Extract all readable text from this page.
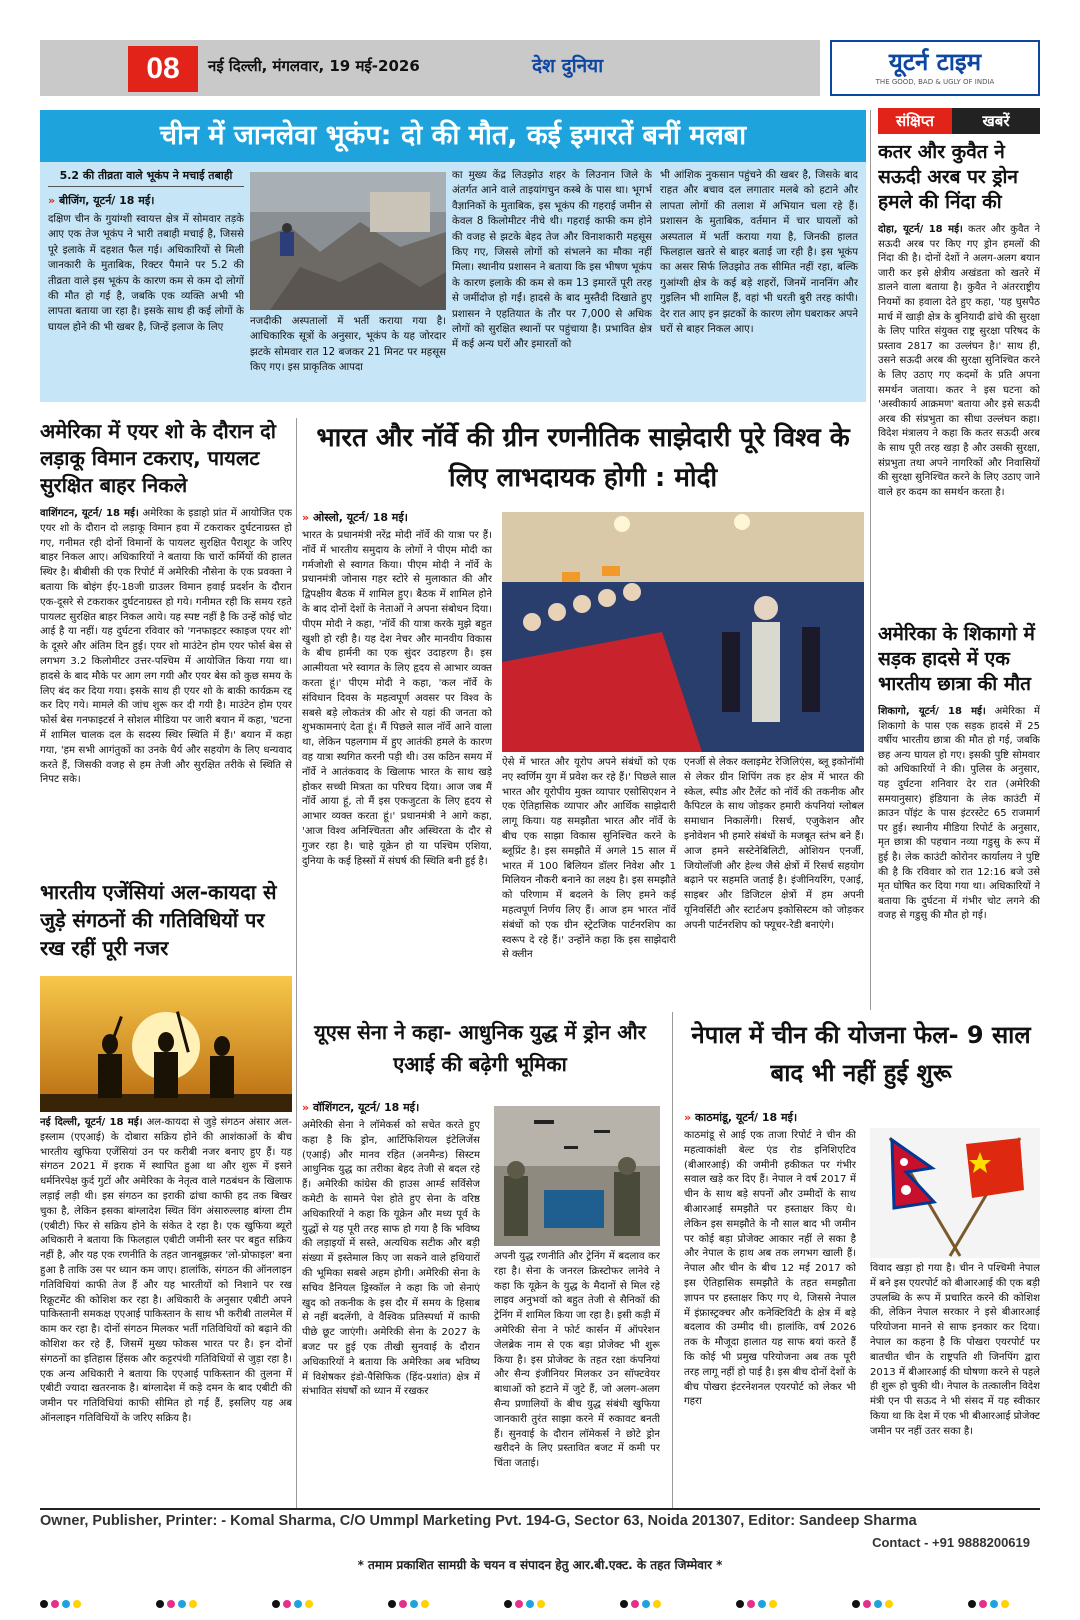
08	नई दिल्ली, मंगलवार, 19 मई-2026	देश दुनिया	यूटर्न टाइम
THE GOOD, BAD & UGLY OF INDIA
चीन में जानलेवा भूकंप: दो की मौत, कई इमारतें बनीं मलबा
5.2 की तीव्रता वाले भूकंप ने मचाई तबाही
» बीजिंग, यूटर्न/ 18 मई।
दक्षिण चीन के गुयांग्शी स्वायत्त क्षेत्र में सोमवार तड़के आए एक तेज भूकंप ने भारी तबाही मचाई है, जिससे पूरे इलाके में दहशत फैल गई। अधिकारियों से मिली जानकारी के मुताबिक, रिक्टर पैमाने पर 5.2 की तीव्रता वाले इस भूकंप के कारण कम से कम दो लोगों की मौत हो गई है, जबकि एक व्यक्ति अभी भी लापता बताया जा रहा है। इसके साथ ही कई लोगों के घायल होने की भी खबर है, जिन्हें इलाज के लिए
नजदीकी अस्पतालों में भर्ती कराया गया है। आधिकारिक सूत्रों के अनुसार, भूकंप के यह जोरदार झटके सोमवार रात 12 बजकर 21 मिनट पर महसूस किए गए। इस प्राकृतिक आपदा
का मुख्य केंद्र लिउझोउ शहर के लिउनान जिले के अंतर्गत आने वाले ताइयांगचुन कस्बे के पास था। भूगर्भ वैज्ञानिकों के मुताबिक, इस भूकंप की गहराई जमीन से केवल 8 किलोमीटर नीचे थी। गहराई काफी कम होने की वजह से झटके बेहद तेज और विनाशकारी महसूस किए गए, जिससे लोगों को संभलने का मौका नहीं मिला। स्थानीय प्रशासन ने बताया कि इस भीषण भूकंप के कारण इलाके की कम से कम 13 इमारतें पूरी तरह से जमींदोज हो गईं। हादसे के बाद मुस्तैदी दिखाते हुए प्रशासन ने एहतियात के तौर पर 7,000 से अधिक लोगों को सुरक्षित स्थानों पर पहुंचाया है। प्रभावित क्षेत्र में कई अन्य घरों और इमारतों को
भी आंशिक नुकसान पहुंचने की खबर है, जिसके बाद राहत और बचाव दल लगातार मलबे को हटाने और लापता लोगों की तलाश में अभियान चला रहे हैं। प्रशासन के मुताबिक, वर्तमान में चार घायलों को अस्पताल में भर्ती कराया गया है, जिनकी हालत फिलहाल खतरे से बाहर बताई जा रही है। इस भूकंप का असर सिर्फ लिउझोउ तक सीमित नहीं रहा, बल्कि गुआंग्शी क्षेत्र के कई बड़े शहरों, जिनमें नाननिंग और गुइलिन भी शामिल हैं, वहां भी धरती बुरी तरह कांपी। देर रात आए इन झटकों के कारण लोग घबराकर अपने घरों से बाहर निकल आए।
संक्षिप्त	खबरें
कतर और कुवैत ने सऊदी अरब पर ड्रोन हमले की निंदा की
दोहा, यूटर्न/ 18 मई। कतर और कुवैत ने सऊदी अरब पर किए गए ड्रोन हमलों की निंदा की है। दोनों देशों ने अलग-अलग बयान जारी कर इसे क्षेत्रीय अखंडता को खतरे में डालने वाला बताया है। कुवैत ने अंतरराष्ट्रीय नियमों का हवाला देते हुए कहा, 'यह घुसपैठ मार्च में खाड़ी क्षेत्र के बुनियादी ढांचे की सुरक्षा के लिए पारित संयुक्त राष्ट्र सुरक्षा परिषद के प्रस्ताव 2817 का उल्लंघन है।' साथ ही, उसने सऊदी अरब की सुरक्षा सुनिश्चित करने के लिए उठाए गए कदमों के प्रति अपना समर्थन जताया। कतर ने इस घटना को 'अस्वीकार्य आक्रमण' बताया और इसे सऊदी अरब की संप्रभुता का सीधा उल्लंघन कहा। विदेश मंत्रालय ने कहा कि कतर सऊदी अरब के साथ पूरी तरह खड़ा है और उसकी सुरक्षा, संप्रभुता तथा अपने नागरिकों और निवासियों की सुरक्षा सुनिश्चित करने के लिए उठाए जाने वाले हर कदम का समर्थन करता है।
अमेरिका के शिकागो में सड़क हादसे में एक भारतीय छात्रा की मौत
शिकागो, यूटर्न/ 18 मई। अमेरिका में शिकागो के पास एक सड़क हादसे में 25 वर्षीय भारतीय छात्रा की मौत हो गई, जबकि छह अन्य घायल हो गए। इसकी पुष्टि सोमवार को अधिकारियों ने की। पुलिस के अनुसार, यह दुर्घटना शनिवार देर रात (अमेरिकी समयानुसार) इंडियाना के लेक काउंटी में क्राउन पॉइंट के पास इंटरस्टेट 65 राजमार्ग पर हुई। स्थानीय मीडिया रिपोर्ट के अनुसार, मृत छात्रा की पहचान नव्या गडुसु के रूप में हुई है। लेक काउंटी कोरोनर कार्यालय ने पुष्टि की है कि रविवार को रात 12:16 बजे उसे मृत घोषित कर दिया गया था। अधिकारियों ने बताया कि दुर्घटना में गंभीर चोट लगने की वजह से गडुसु की मौत हो गई।
अमेरिका में एयर शो के दौरान दो लड़ाकू विमान टकराए, पायलट सुरक्षित बाहर निकले
वाशिंगटन, यूटर्न/ 18 मई। अमेरिका के इडाहो प्रांत में आयोजित एक एयर शो के दौरान दो लड़ाकू विमान हवा में टकराकर दुर्घटनाग्रस्त हो गए, गनीमत रही दोनों विमानों के पायलट सुरक्षित पैराशूट के जरिए बाहर निकल आए। अधिकारियों ने बताया कि चारों कर्मियों की हालत स्थिर है। बीबीसी की एक रिपोर्ट में अमेरिकी नौसेना के एक प्रवक्ता ने बताया कि बोइंग ईए-18जी ग्राउलर विमान हवाई प्रदर्शन के दौरान एक-दूसरे से टकराकर दुर्घटनाग्रस्त हो गये। गनीमत रही कि समय रहते पायलट सुरक्षित बाहर निकल आये। यह स्पष्ट नहीं है कि उन्हें कोई चोट आई है या नहीं। यह दुर्घटना रविवार को 'गनफाइटर स्काइज एयर शो' के दूसरे और अंतिम दिन हुई। एयर शो माउंटेन होम एयर फोर्स बेस से लगभग 3.2 किलोमीटर उत्तर-पश्चिम में आयोजित किया गया था। हादसे के बाद मौके पर आग लग गयी और एयर बेस को कुछ समय के लिए बंद कर दिया गया। इसके साथ ही एयर शो के बाकी कार्यक्रम रद्द कर दिए गये। मामले की जांच शुरू कर दी गयी है। माउंटेन होम एयर फोर्स बेस गनफाइटर्स ने सोशल मीडिया पर जारी बयान में कहा, 'घटना में शामिल चालक दल के सदस्य स्थिर स्थिति में हैं।' बयान में कहा गया, 'हम सभी आगंतुकों का उनके धैर्य और सहयोग के लिए धन्यवाद करते हैं, जिसकी वजह से हम तेजी और सुरक्षित तरीके से स्थिति से निपट सके।
भारतीय एजेंसियां अल-कायदा से जुड़े संगठनों की गतिविधियों पर रख रहीं पूरी नजर
नई दिल्ली, यूटर्न/ 18 मई। अल-कायदा से जुड़े संगठन अंसार अल-इस्लाम (एएआई) के दोबारा सक्रिय होने की आशंकाओं के बीच भारतीय खुफिया एजेंसियां उन पर करीबी नजर बनाए हुए हैं। यह संगठन 2021 में इराक में स्थापित हुआ था और शुरू में इसने धर्मनिरपेक्ष कुर्द गुटों और अमेरिका के नेतृत्व वाले गठबंधन के खिलाफ लड़ाई लड़ी थी। इस संगठन का इराकी ढांचा काफी हद तक बिखर चुका है, लेकिन इसका बांग्लादेश स्थित विंग अंसारुल्लाह बांग्ला टीम (एबीटी) फिर से सक्रिय होने के संकेत दे रहा है। एक खुफिया ब्यूरो अधिकारी ने बताया कि फिलहाल एबीटी जमीनी स्तर पर बहुत सक्रिय नहीं है, और यह एक रणनीति के तहत जानबूझकर 'लो-प्रोफाइल' बना हुआ है ताकि उस पर ध्यान कम जाए। हालांकि, संगठन की ऑनलाइन गतिविधियां काफी तेज हैं और यह भारतीयों को निशाने पर रख रिक्रूटमेंट की कोशिश कर रहा है। अधिकारी के अनुसार एबीटी अपने पाकिस्तानी समकक्ष एएआई पाकिस्तान के साथ भी करीबी तालमेल में काम कर रहा है। दोनों संगठन मिलकर भर्ती गतिविधियों को बढ़ाने की कोशिश कर रहे हैं, जिसमें मुख्य फोकस भारत पर है। इन दोनों संगठनों का इतिहास हिंसक और कट्टरपंथी गतिविधियों से जुड़ा रहा है। एक अन्य अधिकारी ने बताया कि एएआई पाकिस्तान की तुलना में एबीटी ज्यादा खतरनाक है। बांग्लादेश में कड़े दमन के बाद एबीटी की जमीन पर गतिविधियां काफी सीमित हो गई हैं, इसलिए यह अब ऑनलाइन गतिविधियों के जरिए सक्रिय है।
भारत और नॉर्वे की ग्रीन रणनीतिक साझेदारी पूरे विश्व के लिए लाभदायक होगी : मोदी
» ओस्लो, यूटर्न/ 18 मई।
भारत के प्रधानमंत्री नरेंद्र मोदी नॉर्वे की यात्रा पर हैं। नॉर्वे में भारतीय समुदाय के लोगों ने पीएम मोदी का गर्मजोशी से स्वागत किया। पीएम मोदी ने नॉर्वे के प्रधानमंत्री जोनास गहर स्टोरे से मुलाकात की और द्विपक्षीय बैठक में शामिल हुए। बैठक में शामिल होने के बाद दोनों देशों के नेताओं ने अपना संबोधन दिया। पीएम मोदी ने कहा, 'नॉर्वे की यात्रा करके मुझे बहुत खुशी हो रही है। यह देश नेचर और मानवीय विकास के बीच हार्मनी का एक सुंदर उदाहरण है। इस आत्मीयता भरे स्वागत के लिए हृदय से आभार व्यक्त करता हूं।' पीएम मोदी ने कहा, 'कल नॉर्वे के संविधान दिवस के महत्वपूर्ण अवसर पर विश्व के सबसे बड़े लोकतंत्र की ओर से यहां की जनता को शुभकामनाएं देता हूं। मैं पिछले साल नॉर्वे आने वाला था, लेकिन पहलगाम में हुए आतंकी हमले के कारण वह यात्रा स्थगित करनी पड़ी थी। उस कठिन समय में नॉर्वे ने आतंकवाद के खिलाफ भारत के साथ खड़े होकर सच्ची मित्रता का परिचय दिया। आज जब मैं नॉर्वे आया हूं, तो मैं इस एकजुटता के लिए हृदय से आभार व्यक्त करता हूं।' प्रधानमंत्री ने आगे कहा, 'आज विश्व अनिश्चितता और अस्थिरता के दौर से गुजर रहा है। चाहे यूक्रेन हो या पश्चिम एशिया, दुनिया के कई हिस्सों में संघर्ष की स्थिति बनी हुई है।
ऐसे में भारत और यूरोप अपने संबंधों को एक नए स्वर्णिम युग में प्रवेश कर रहे हैं।' पिछले साल भारत और यूरोपीय मुक्त व्यापार एसोसिएशन ने एक ऐतिहासिक व्यापार और आर्थिक साझेदारी लागू किया। यह समझौता भारत और नॉर्वे के बीच एक साझा विकास सुनिश्चित करने के ब्लूप्रिंट है। इस समझौते में अगले 15 साल में भारत में 100 बिलियन डॉलर निवेश और 1 मिलियन नौकरी बनाने का लक्ष्य है। इस समझौते को परिणाम में बदलने के लिए हमने कई महत्वपूर्ण निर्णय लिए हैं। आज हम भारत नॉर्वे संबंधों को एक ग्रीन स्ट्रेटजिक पार्टनरशिप का स्वरूप दे रहे हैं।' उन्होंने कहा कि इस साझेदारी से क्लीन
एनर्जी से लेकर क्लाइमेट रेजिलिएंस, ब्लू इकोनॉमी से लेकर ग्रीन शिपिंग तक हर क्षेत्र में भारत की स्केल, स्पीड और टैलेंट को नॉर्वे की तकनीक और कैपिटल के साथ जोड़कर हमारी कंपनियां ग्लोबल समाधान निकालेंगी। रिसर्च, एजुकेशन और इनोवेशन भी हमारे संबंधों के मजबूत स्तंभ बने हैं। आज हमने सस्टेनेबिलिटी, ओशियन एनर्जी, जियोलॉजी और हेल्थ जैसे क्षेत्रों में रिसर्च सहयोग बढ़ाने पर सहमति जताई है। इंजीनियरिंग, एआई, साइबर और डिजिटल क्षेत्रों में हम अपनी यूनिवर्सिटी और स्टार्टअप इकोसिस्टम को जोड़कर अपनी पार्टनरशिप को फ्यूचर-रेडी बनाएंगे।
यूएस सेना ने कहा- आधुनिक युद्ध में ड्रोन और एआई की बढ़ेगी भूमिका
» वॉशिंगटन, यूटर्न/ 18 मई।
अमेरिकी सेना ने लॉमेकर्स को सचेत करते हुए कहा है कि ड्रोन, आर्टिफिशियल इंटेलिजेंस (एआई) और मानव रहित (अनमैन्ड) सिस्टम आधुनिक युद्ध का तरीका बेहद तेजी से बदल रहे हैं। अमेरिकी कांग्रेस की हाउस आर्म्ड सर्विसेज कमेटी के सामने पेश होते हुए सेना के वरिष्ठ अधिकारियों ने कहा कि यूक्रेन और मध्य पूर्व के युद्धों से यह पूरी तरह साफ हो गया है कि भविष्य की लड़ाइयों में सस्ते, अत्यधिक सटीक और बड़ी संख्या में इस्तेमाल किए जा सकने वाले हथियारों की भूमिका सबसे अहम होगी। अमेरिकी सेना के सचिव डैनियल ड्रिस्कॉल ने कहा कि जो सेनाएं खुद को तकनीक के इस दौर में समय के हिसाब से नहीं बदलेंगी, वे वैश्विक प्रतिस्पर्धा में काफी पीछे छूट जाएंगी। अमेरिकी सेना के 2027 के बजट पर हुई एक तीखी सुनवाई के दौरान अधिकारियों ने बताया कि अमेरिका अब भविष्य में विशेषकर इंडो-पैसिफिक (हिंद-प्रशांत) क्षेत्र में संभावित संघर्षों को ध्यान में रखकर
अपनी युद्ध रणनीति और ट्रेनिंग में बदलाव कर रहा है। सेना के जनरल क्रिस्टोफर लानेवे ने कहा कि यूक्रेन के युद्ध के मैदानों से मिल रहे लाइव अनुभवों को बहुत तेजी से सैनिकों की ट्रेनिंग में शामिल किया जा रहा है। इसी कड़ी में अमेरिकी सेना ने फोर्ट कार्सन में ऑपरेशन जेलब्रेक नाम से एक बड़ा प्रोजेक्ट भी शुरू किया है। इस प्रोजेक्ट के तहत रक्षा कंपनियां और सैन्य इंजीनियर मिलकर उन सॉफ्टवेयर बाधाओं को हटाने में जुटे हैं, जो अलग-अलग सैन्य प्रणालियों के बीच युद्ध संबंधी खुफिया जानकारी तुरंत साझा करने में रुकावट बनती हैं। सुनवाई के दौरान लॉमेकर्स ने छोटे ड्रोन खरीदने के लिए प्रस्तावित बजट में कमी पर चिंता जताई।
नेपाल में चीन की योजना फेल- 9 साल बाद भी नहीं हुई शुरू
» काठमांडू, यूटर्न/ 18 मई।
काठमांडू से आई एक ताजा रिपोर्ट ने चीन की महत्वाकांक्षी बेल्ट एंड रोड इनिशिएटिव (बीआरआई) की जमीनी हकीकत पर गंभीर सवाल खड़े कर दिए हैं। नेपाल ने वर्ष 2017 में चीन के साथ बड़े सपनों और उम्मीदों के साथ बीआरआई समझौते पर हस्ताक्षर किए थे। लेकिन इस समझौते के नौ साल बाद भी जमीन पर कोई बड़ा प्रोजेक्ट आकार नहीं ले सका है और नेपाल के हाथ अब तक लगभग खाली हैं। नेपाल और चीन के बीच 12 मई 2017 को इस ऐतिहासिक समझौते के तहत समझौता ज्ञापन पर हस्ताक्षर किए गए थे, जिससे नेपाल में इंफ्रास्ट्रक्चर और कनेक्टिविटी के क्षेत्र में बड़े बदलाव की उम्मीद थी। हालांकि, वर्ष 2026 तक के मौजूदा हालात यह साफ बयां करते हैं कि कोई भी प्रमुख परियोजना अब तक पूरी तरह लागू नहीं हो पाई है। इस बीच दोनों देशों के बीच पोखरा इंटरनेशनल एयरपोर्ट को लेकर भी गहरा
विवाद खड़ा हो गया है। चीन ने पश्चिमी नेपाल में बने इस एयरपोर्ट को बीआरआई की एक बड़ी उपलब्धि के रूप में प्रचारित करने की कोशिश की, लेकिन नेपाल सरकार ने इसे बीआरआई परियोजना मानने से साफ इनकार कर दिया। नेपाल का कहना है कि पोखरा एयरपोर्ट पर बातचीत चीन के राष्ट्रपति शी जिनपिंग द्वारा 2013 में बीआरआई की घोषणा करने से पहले ही शुरू हो चुकी थी। नेपाल के तत्कालीन विदेश मंत्री एन पी सऊद ने भी संसद में यह स्वीकार किया था कि देश में एक भी बीआरआई प्रोजेक्ट जमीन पर नहीं उतर सका है।
Owner, Publisher, Printer: - Komal Sharma, C/O Ummpl Marketing Pvt. 194-G, Sector 63, Noida 201307, Editor: Sandeep Sharma
Contact - +91 9888200619
* तमाम प्रकाशित सामग्री के चयन व संपादन हेतु आर.बी.एक्ट. के तहत जिम्मेवार *
